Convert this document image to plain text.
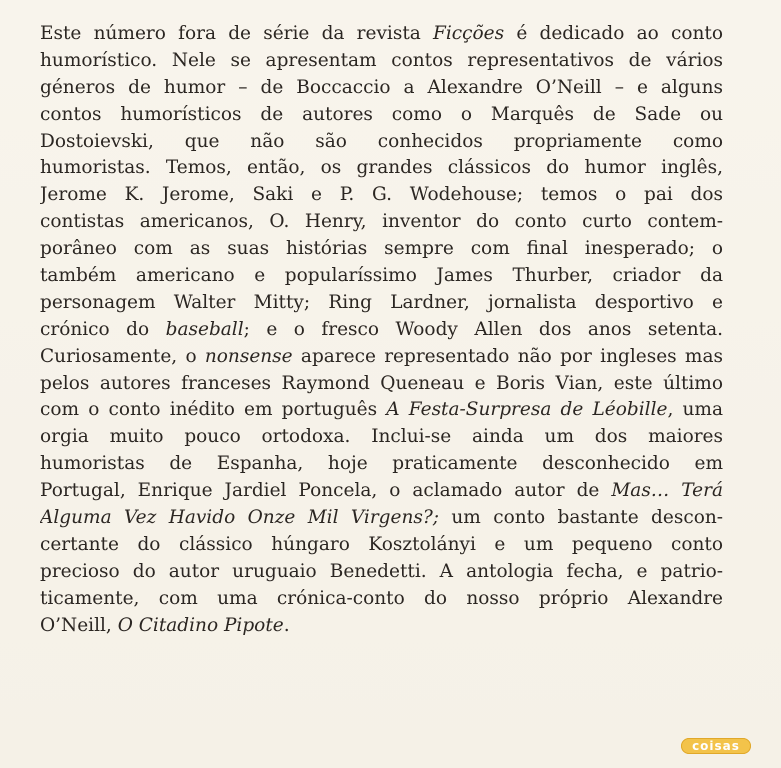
Este número fora de série da revista Ficções é dedicado ao conto
humorístico. Nele se apresentam contos representativos de vários
géneros de humor – de Boccaccio a Alexandre O’Neill – e alguns
contos humorísticos de autores como o Marquês de Sade ou
Dostoievski, que não são conhecidos propriamente como
humoristas. Temos, então, os grandes clássicos do humor inglês,
Jerome K. Jerome, Saki e P. G. Wodehouse; temos o pai dos
contistas americanos, O. Henry, inventor do conto curto contem-
porâneo com as suas histórias sempre com final inesperado; o
também americano e popularíssimo James Thurber, criador da
personagem Walter Mitty; Ring Lardner, jornalista desportivo e
crónico do baseball; e o fresco Woody Allen dos anos setenta.
Curiosamente, o nonsense aparece representado não por ingleses mas
pelos autores franceses Raymond Queneau e Boris Vian, este último
com o conto inédito em português A Festa-Surpresa de Léobille, uma
orgia muito pouco ortodoxa. Inclui-se ainda um dos maiores
humoristas de Espanha, hoje praticamente desconhecido em
Portugal, Enrique Jardiel Poncela, o aclamado autor de Mas… Terá
Alguma Vez Havido Onze Mil Virgens?; um conto bastante descon-
certante do clássico húngaro Kosztolányi e um pequeno conto
precioso do autor uruguaio Benedetti. A antologia fecha, e patrio-
ticamente, com uma crónica-conto do nosso próprio Alexandre
O’Neill, O Citadino Pipote.
coisas
